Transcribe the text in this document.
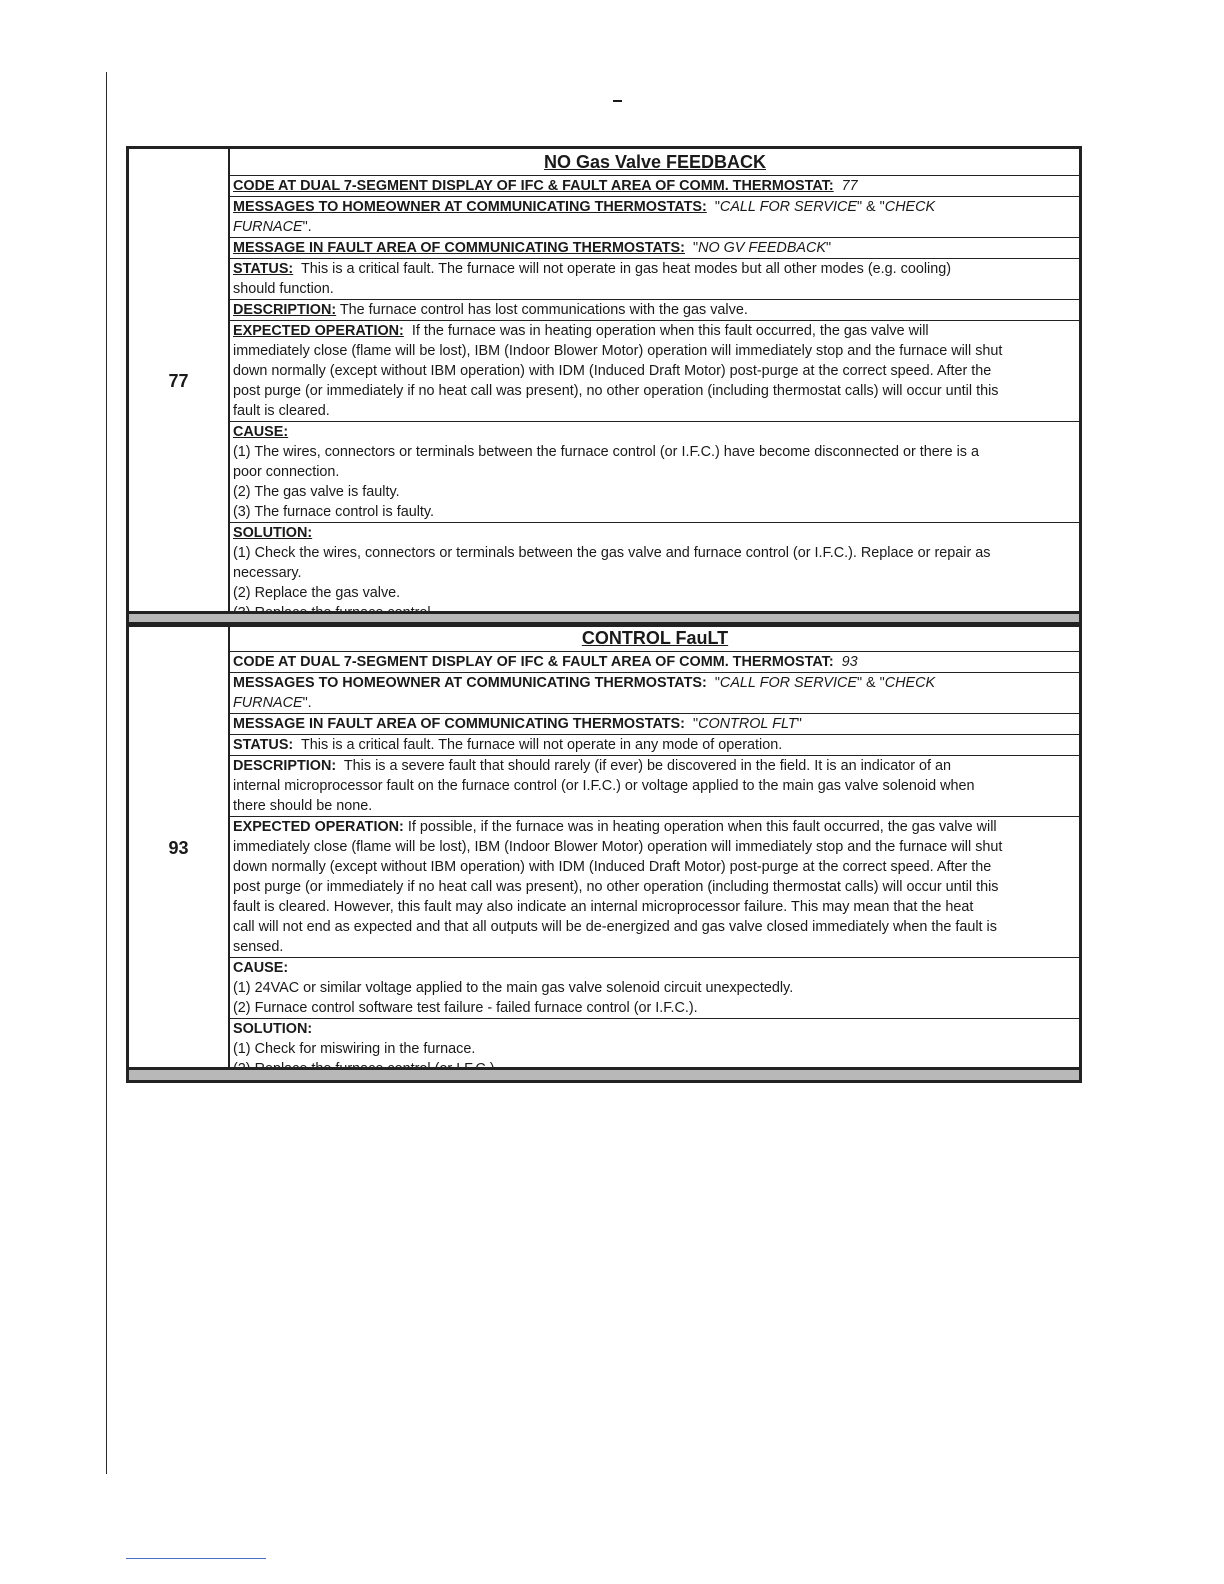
77
NO Gas Valve FEEDBACK
CODE AT DUAL 7-SEGMENT DISPLAY OF IFC & FAULT AREA OF COMM. THERMOSTAT: 77
MESSAGES TO HOMEOWNER AT COMMUNICATING THERMOSTATS: "CALL FOR SERVICE" & "CHECK
FURNACE".
MESSAGE IN FAULT AREA OF COMMUNICATING THERMOSTATS: "NO GV FEEDBACK"
STATUS: This is a critical fault. The furnace will not operate in gas heat modes but all other modes (e.g. cooling)
should function.
DESCRIPTION: The furnace control has lost communications with the gas valve.
EXPECTED OPERATION: If the furnace was in heating operation when this fault occurred, the gas valve will
immediately close (flame will be lost), IBM (Indoor Blower Motor) operation will immediately stop and the furnace will shut
down normally (except without IBM operation) with IDM (Induced Draft Motor) post-purge at the correct speed. After the
post purge (or immediately if no heat call was present), no other operation (including thermostat calls) will occur until this
fault is cleared.
CAUSE:
(1) The wires, connectors or terminals between the furnace control (or I.F.C.) have become disconnected or there is a
poor connection.
(2) The gas valve is faulty.
(3) The furnace control is faulty.
SOLUTION:
(1) Check the wires, connectors or terminals between the gas valve and furnace control (or I.F.C.). Replace or repair as
necessary.
(2) Replace the gas valve.
93
CONTROL FauLT
CODE AT DUAL 7-SEGMENT DISPLAY OF IFC & FAULT AREA OF COMM. THERMOSTAT: 93
MESSAGES TO HOMEOWNER AT COMMUNICATING THERMOSTATS: "CALL FOR SERVICE" & "CHECK
FURNACE".
MESSAGE IN FAULT AREA OF COMMUNICATING THERMOSTATS: "CONTROL FLT"
STATUS: This is a critical fault. The furnace will not operate in any mode of operation.
DESCRIPTION: This is a severe fault that should rarely (if ever) be discovered in the field. It is an indicator of an
internal microprocessor fault on the furnace control (or I.F.C.) or voltage applied to the main gas valve solenoid when
there should be none.
EXPECTED OPERATION: If possible, if the furnace was in heating operation when this fault occurred, the gas valve will
immediately close (flame will be lost), IBM (Indoor Blower Motor) operation will immediately stop and the furnace will shut
down normally (except without IBM operation) with IDM (Induced Draft Motor) post-purge at the correct speed. After the
post purge (or immediately if no heat call was present), no other operation (including thermostat calls) will occur until this
fault is cleared. However, this fault may also indicate an internal microprocessor failure. This may mean that the heat
call will not end as expected and that all outputs will be de-energized and gas valve closed immediately when the fault is
sensed.
CAUSE:
(1) 24VAC or similar voltage applied to the main gas valve solenoid circuit unexpectedly.
(2) Furnace control software test failure - failed furnace control (or I.F.C.).
SOLUTION:
(1) Check for miswiring in the furnace.
